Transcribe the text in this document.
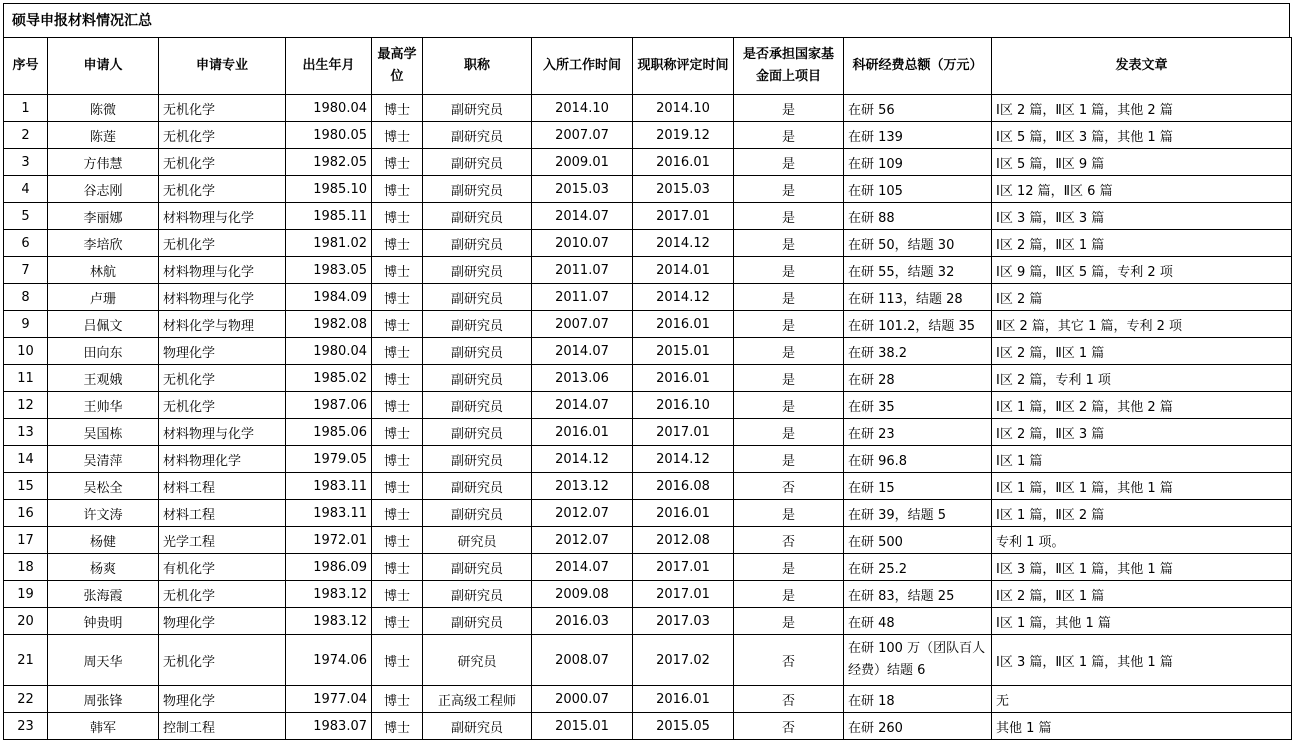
硕导申报材料情况汇总
序号	申请人	申请专业	出生年月	最高学位	职称	入所工作时间	现职称评定时间	是否承担国家基金面上项目	科研经费总额（万元）	发表文章
1	陈微	无机化学	1980.04	博士	副研究员	2014.10	2014.10	是	在研 56	Ⅰ区 2 篇，Ⅱ区 1 篇，其他 2 篇
2	陈莲	无机化学	1980.05	博士	副研究员	2007.07	2019.12	是	在研 139	Ⅰ区 5 篇，Ⅱ区 3 篇，其他 1 篇
3	方伟慧	无机化学	1982.05	博士	副研究员	2009.01	2016.01	是	在研 109	Ⅰ区 5 篇，Ⅱ区 9 篇
4	谷志刚	无机化学	1985.10	博士	副研究员	2015.03	2015.03	是	在研 105	Ⅰ区 12 篇，Ⅱ区 6 篇
5	李丽娜	材料物理与化学	1985.11	博士	副研究员	2014.07	2017.01	是	在研 88	Ⅰ区 3 篇，Ⅱ区 3 篇
6	李培欣	无机化学	1981.02	博士	副研究员	2010.07	2014.12	是	在研 50，结题 30	Ⅰ区 2 篇，Ⅱ区 1 篇
7	林航	材料物理与化学	1983.05	博士	副研究员	2011.07	2014.01	是	在研 55，结题 32	Ⅰ区 9 篇，Ⅱ区 5 篇，专利 2 项
8	卢珊	材料物理与化学	1984.09	博士	副研究员	2011.07	2014.12	是	在研 113，结题 28	Ⅰ区 2 篇
9	吕佩文	材料化学与物理	1982.08	博士	副研究员	2007.07	2016.01	是	在研 101.2，结题 35	Ⅱ区 2 篇，其它 1 篇，专利 2 项
10	田向东	物理化学	1980.04	博士	副研究员	2014.07	2015.01	是	在研 38.2	Ⅰ区 2 篇，Ⅱ区 1 篇
11	王观娥	无机化学	1985.02	博士	副研究员	2013.06	2016.01	是	在研 28	Ⅰ区 2 篇，专利 1 项
12	王帅华	无机化学	1987.06	博士	副研究员	2014.07	2016.10	是	在研 35	Ⅰ区 1 篇，Ⅱ区 2 篇，其他 2 篇
13	吴国栋	材料物理与化学	1985.06	博士	副研究员	2016.01	2017.01	是	在研 23	Ⅰ区 2 篇，Ⅱ区 3 篇
14	吴清萍	材料物理化学	1979.05	博士	副研究员	2014.12	2014.12	是	在研 96.8	Ⅰ区 1 篇
15	吴松全	材料工程	1983.11	博士	副研究员	2013.12	2016.08	否	在研 15	Ⅰ区 1 篇，Ⅱ区 1 篇，其他 1 篇
16	许文涛	材料工程	1983.11	博士	副研究员	2012.07	2016.01	是	在研 39，结题 5	Ⅰ区 1 篇，Ⅱ区 2 篇
17	杨健	光学工程	1972.01	博士	研究员	2012.07	2012.08	否	在研 500	专利 1 项。
18	杨爽	有机化学	1986.09	博士	副研究员	2014.07	2017.01	是	在研 25.2	Ⅰ区 3 篇，Ⅱ区 1 篇，其他 1 篇
19	张海霞	无机化学	1983.12	博士	副研究员	2009.08	2017.01	是	在研 83，结题 25	Ⅰ区 2 篇，Ⅱ区 1 篇
20	钟贵明	物理化学	1983.12	博士	副研究员	2016.03	2017.03	是	在研 48	Ⅰ区 1 篇，其他 1 篇
21	周天华	无机化学	1974.06	博士	研究员	2008.07	2017.02	否	在研 100 万（团队百人经费）结题 6	Ⅰ区 3 篇，Ⅱ区 1 篇，其他 1 篇
22	周张锋	物理化学	1977.04	博士	正高级工程师	2000.07	2016.01	否	在研 18	无
23	韩军	控制工程	1983.07	博士	副研究员	2015.01	2015.05	否	在研 260	其他 1 篇
